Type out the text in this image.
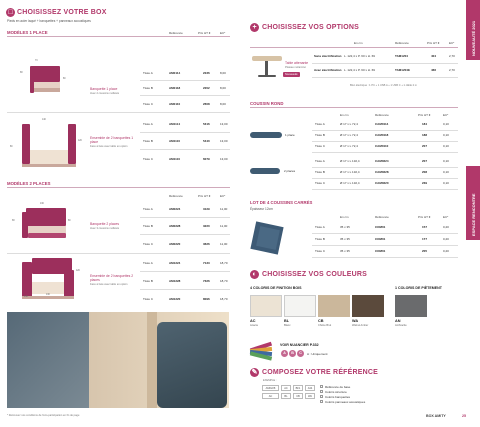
□ CHOISISSEZ VOTRE BOX
Pieds en acier laqué + banquettes + panneaux acoustiques
MODÈLES 1 PLACE	Référence	Prix HT €	EC*
73
68
80
Banquette 1 place
Avec 2 coussins molletés
Tissu A	AM0114	2236	8,00
Tissu B	AM0118	2202	8,00
Tissu C	AM0110	2608	8,00
140
80
120
Ensemble de 2 banquettes 1 place
Face à face avec table en option
Tissu A	AM1114	5316	13,00
Tissu B	AM1110	5440	13,00
Tissu C	AM1110	6079	13,00
MODÈLES 2 PLACES
Référence	Prix HT €	EC*
130
68	80
Banquette 2 places
Avec 3 coussins molletés
Tissu A	AM0224	3129	11,00
Tissu B	AM0228	3220	11,00
Tissu C	AM0220	3626	11,00
140
130
120
Ensemble de 2 banquettes 2 places
Face à face avec table en option
Tissu A	AM1224	7133	18,70
Tissu B	AM1228	7326	18,70
Tissu C	AM1220	8096	18,70
* Retrouvez nos conditions de l'éco-participation en fin de page
+ CHOISISSEZ VOS OPTIONS
En cm	Référence	Prix HT €	EC*
Table attenante
Plateau mélaminé
Nouveauté
Sans électrification L. 122,4 x P. 60 x H. 69	TAM1204	404	2,70
Avec électrification L. 122,4 x P. 60 x H. 69	TAM1204E	466	2,70
Bloc électrique : 1 PC + 1 USB A + 1 USB C + 1 câble 2 m
COUSSIN ROND
En cm	Référence	Prix HT €	EC*
1 place
2 places
Tissu A	Ø 17 x L 72,4	CAM0114	184	0,10
Tissu B	Ø 17 x L 72,4	CAM0118	188	0,10
Tissu C	Ø 17 x L 72,4	CAM0110	207	0,10
Tissu A	Ø 17 x L 132,4	CAM0224	207	0,10
Tissu B	Ø 17 x L 132,4	CAM0228	208	0,10
Tissu C	Ø 17 x L 132,4	CAM0220	239	0,10
LOT DE 4 COUSSINS CARRÉS
Épaisseur 12cm
En cm	Référence	Prix HT €	EC*
Tissu A	35 x 35	COM01	157	0,20
Tissu B	35 x 35	COM01	177	0,20
Tissu C	35 x 35	COM01	205	0,20
◐ CHOISISSEZ VOS COULEURS
4 COLORIS DE FINITION BOIS	1 COLORIS DE PIÈTEMENT
AC
Acacia
BL
Blanc
CB
Chêne Brut
WA
Walnut Amber
AN
Anthracite
VOIR NUANCIER P.332
A	B	C	A : Uniquement
✎ COMPOSEZ VOTRE RÉFÉRENCE
EXEMPLE :
AM0228	AC	BF1	A34
AC	BL	CB	WA
Référence de base
Coloris structure
Coloris banquettes
Coloris panneaux acoustiques
BOX AMITY	25
NOUVEAUTÉ 2021
ESPACE RENCONTRE
